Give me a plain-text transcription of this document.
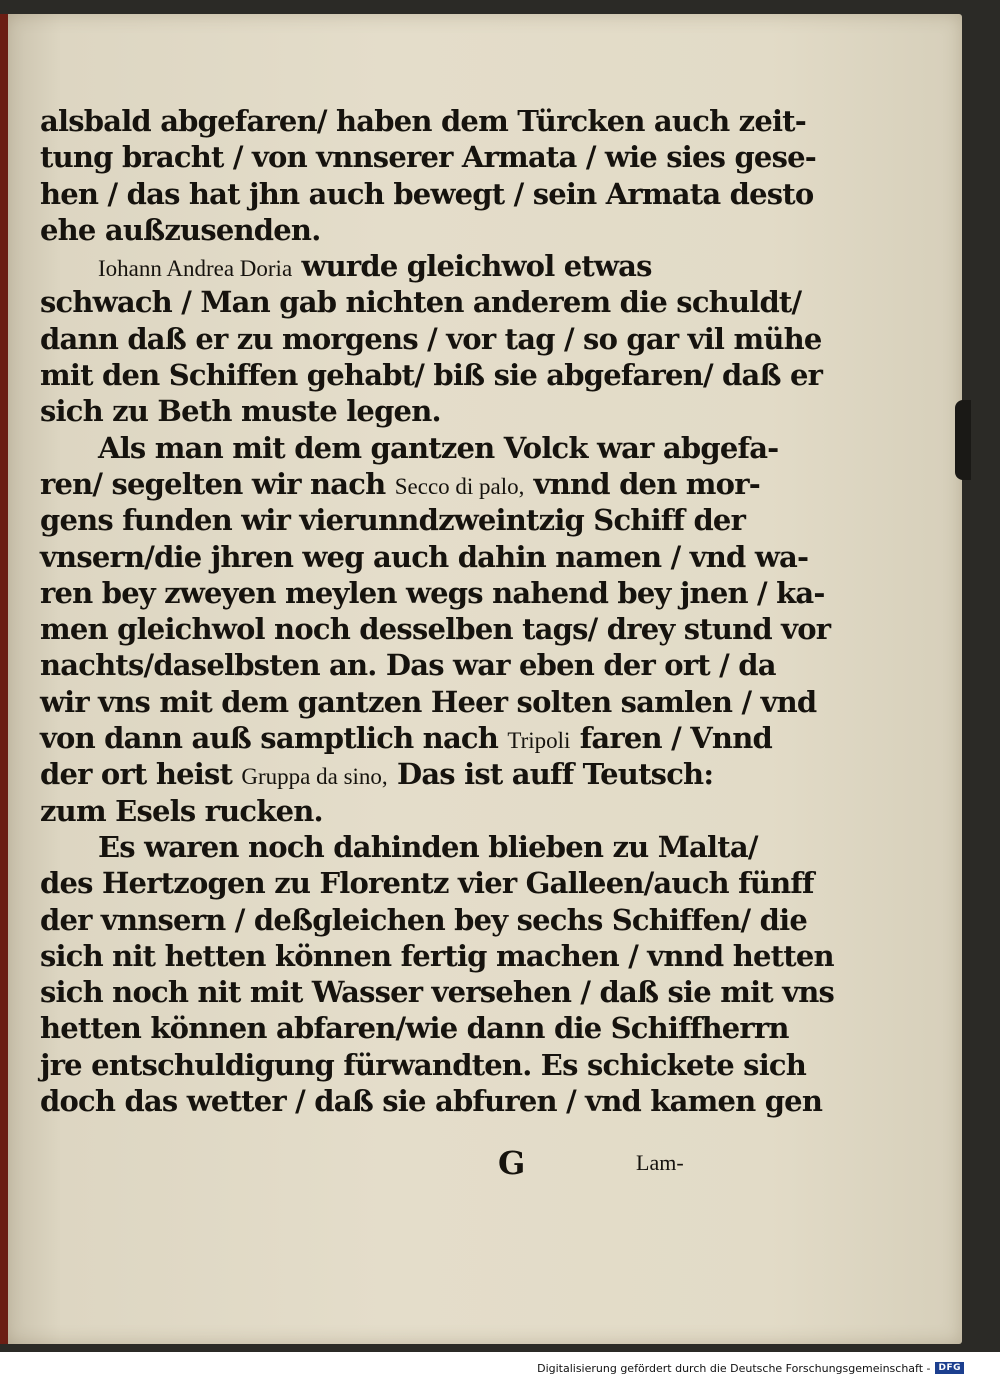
alsbald abgefaren/ haben dem Türcken auch zeit-
tung bracht / von vnnserer Armata / wie sies gese-
hen / das hat jhn auch bewegt / sein Armata desto
ehe außzusenden.
Iohann Andrea Doria wurde gleichwol etwas
schwach / Man gab nichten anderem die schuldt/
dann daß er zu morgens / vor tag / so gar vil mühe
mit den Schiffen gehabt/ biß sie abgefaren/ daß er
sich zu Beth muste legen.
Als man mit dem gantzen Volck war abgefa-
ren/ segelten wir nach Secco di palo, vnnd den mor-
gens funden wir vierunndzweintzig Schiff der
vnsern/die jhren weg auch dahin namen / vnd wa-
ren bey zweyen meylen wegs nahend bey jnen / ka-
men gleichwol noch desselben tags/ drey stund vor
nachts/daselbsten an. Das war eben der ort / da
wir vns mit dem gantzen Heer solten samlen / vnd
von dann auß samptlich nach Tripoli faren / Vnnd
der ort heist Gruppa da sino, Das ist auff Teutsch:
zum Esels rucken.
Es waren noch dahinden blieben zu Malta/
des Hertzogen zu Florentz vier Galleen/auch fünff
der vnnsern / deßgleichen bey sechs Schiffen/ die
sich nit hetten können fertig machen / vnnd hetten
sich noch nit mit Wasser versehen / daß sie mit vns
hetten können abfaren/wie dann die Schiffherrn
jre entschuldigung fürwandten. Es schickete sich
doch das wetter / daß sie abfuren / vnd kamen gen
G	Lam-
Digitalisierung gefördert durch die Deutsche Forschungsgemeinschaft - DFG
